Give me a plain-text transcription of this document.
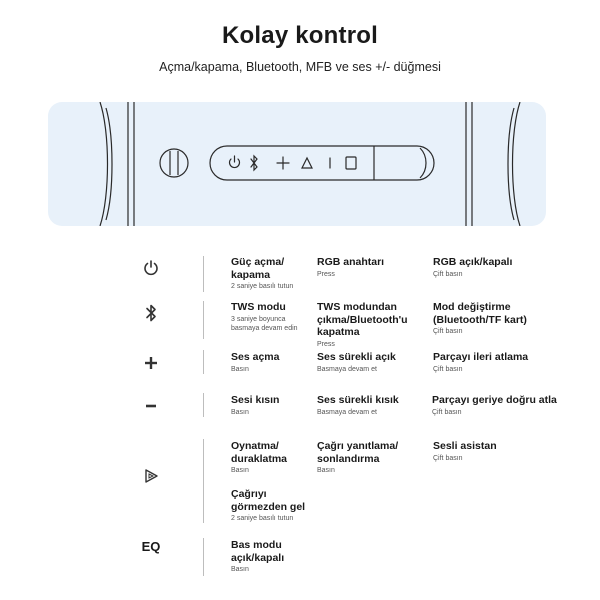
Kolay kontrol
Açma/kapama, Bluetooth, MFB ve ses +/- düğmesi
Güç açma/ kapama
2 saniye basılı tutun
RGB anahtarı
Press
RGB açık/kapalı
Çift basın
TWS modu
3 saniye boyunca basmaya devam edin
TWS modundan çıkma/Bluetooth'u kapatma
Press
Mod değiştirme (Bluetooth/TF kart)
Çift basın
Ses açma
Basın
Ses sürekli açık
Basmaya devam et
Parçayı ileri atlama
Çift basın
Sesi kısın
Basın
Ses sürekli kısık
Basmaya devam et
Parçayı geriye doğru atla
Çift basın
Oynatma/ duraklatma
Basın
Çağrı yanıtlama/ sonlandırma
Basın
Sesli asistan
Çift basın
Çağrıyı görmezden gel
2 saniye basılı tutun
EQ	Bas modu açık/kapalı
Basın
